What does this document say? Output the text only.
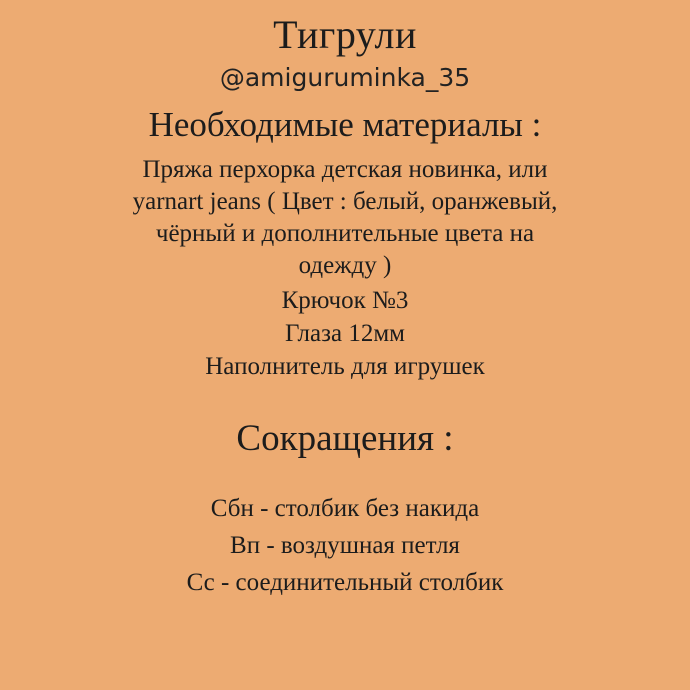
Тигрули
@amiguruminka_35
Необходимые материалы :
Пряжа перхорка детская новинка, или
yarnart jeans ( Цвет : белый, оранжевый,
чёрный и дополнительные цвета на
одежду )
Крючок №3
Глаза 12мм
Наполнитель для игрушек
Сокращения :
Сбн - столбик без накида
Вп - воздушная петля
Сс - соединительный столбик
